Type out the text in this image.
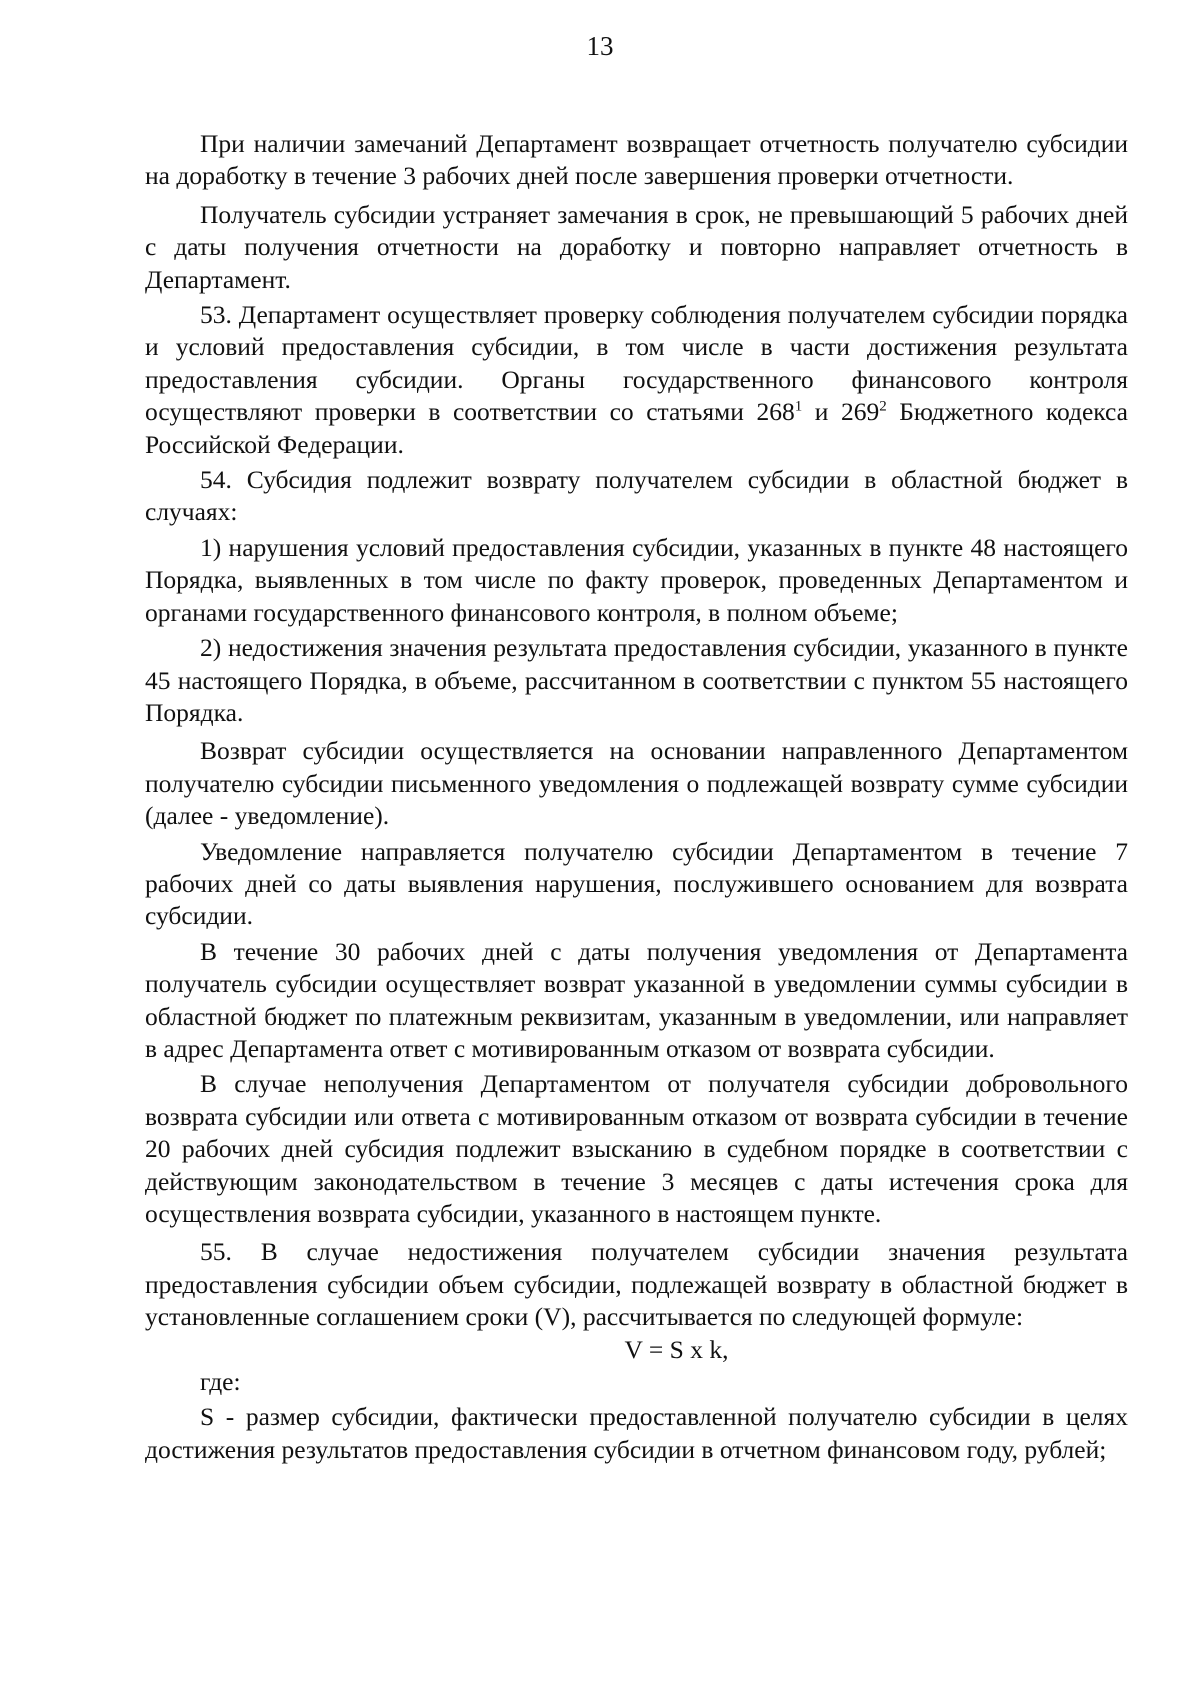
13

При наличии замечаний Департамент возвращает отчетность получателю субсидии на доработку в течение 3 рабочих дней после завершения проверки отчетности.

Получатель субсидии устраняет замечания в срок, не превышающий 5 рабочих дней с даты получения отчетности на доработку и повторно направляет отчетность в Департамент.

53. Департамент осуществляет проверку соблюдения получателем субсидии порядка и условий предоставления субсидии, в том числе в части достижения результата предоставления субсидии. Органы государственного финансового контроля осуществляют проверки в соответствии со статьями $268^1$ и $269^2$ Бюджетного кодекса Российской Федерации.

54. Субсидия подлежит возврату получателем субсидии в областной бюджет в случаях:

1) нарушения условий предоставления субсидии, указанных в пункте 48 настоящего Порядка, выявленных в том числе по факту проверок, проведенных Департаментом и органами государственного финансового контроля, в полном объеме;

2) недостижения значения результата предоставления субсидии, указанного в пункте 45 настоящего Порядка, в объеме, рассчитанном в соответствии с пунктом 55 настоящего Порядка.

Возврат субсидии осуществляется на основании направленного Департаментом получателю субсидии письменного уведомления о подлежащей возврату сумме субсидии (далее - уведомление).

Уведомление направляется получателю субсидии Департаментом в течение 7 рабочих дней со даты выявления нарушения, послужившего основанием для возврата субсидии.

В течение 30 рабочих дней с даты получения уведомления от Департамента получатель субсидии осуществляет возврат указанной в уведомлении суммы субсидии в областной бюджет по платежным реквизитам, указанным в уведомлении, или направляет в адрес Департамента ответ с мотивированным отказом от возврата субсидии.

В случае неполучения Департаментом от получателя субсидии добровольного возврата субсидии или ответа с мотивированным отказом от возврата субсидии в течение 20 рабочих дней субсидия подлежит взысканию в судебном порядке в соответствии с действующим законодательством в течение 3 месяцев с даты истечения срока для осуществления возврата субсидии, указанного в настоящем пункте.

55. В случае недостижения получателем субсидии значения результата предоставления субсидии объем субсидии, подлежащей возврату в областной бюджет в установленные соглашением сроки (V), рассчитывается по следующей формуле:

V = S x k,

где:

S - размер субсидии, фактически предоставленной получателю субсидии в целях достижения результатов предоставления субсидии в отчетном финансовом году, рублей;
